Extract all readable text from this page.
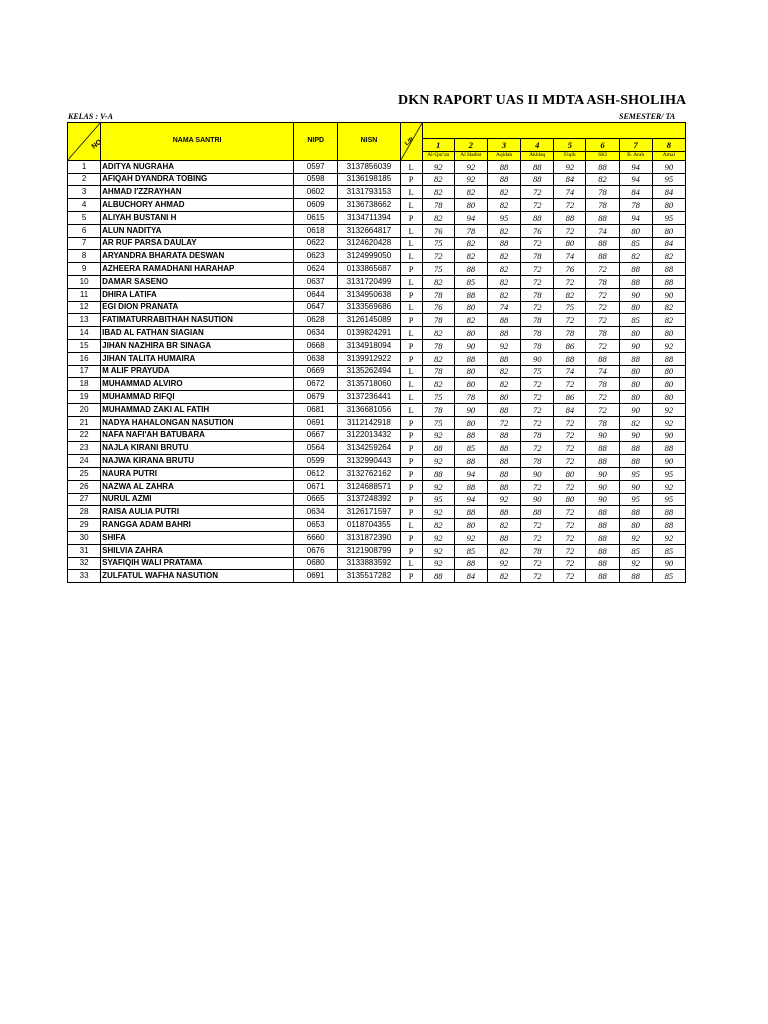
DKN RAPORT UAS II MDTA ASH-SHOLIHA
KELAS : V-A	SEMESTER/ TA
NO	NAMA SANTRI	NIPD	NISN	L/P								

					1	2	3	4	5	6	7	8
					Al-Qur'an	Al Hadist	Aqidah	Akhlaq	Fiqih	SKI	B. Arab	Amal
1	ADITYA NUGRAHA	0597	3137856039	L	92	92	88	88	92	88	94	90
2	AFIQAH DYANDRA TOBING	0598	3136198185	P	82	92	88	88	84	82	94	95
3	AHMAD I'ZZRAYHAN	0602	3131793153	L	82	82	82	72	74	78	84	84
4	ALBUCHORY AHMAD	0609	3136738662	L	78	80	82	72	72	78	78	80
5	ALIYAH BUSTANI H	0615	3134711394	P	82	94	95	88	88	88	94	95
6	ALUN NADITYA	0618	3132664817	L	76	78	82	76	72	74	80	80
7	AR RUF PARSA DAULAY	0622	3124620428	L	75	82	88	72	80	88	85	84
8	ARYANDRA BHARATA DESWAN	0623	3124999050	L	72	82	82	78	74	88	82	82
9	AZHEERA RAMADHANI HARAHAP	0624	0133865687	P	75	88	82	72	76	72	88	88
10	DAMAR SASENO	0637	3131720499	L	82	85	82	72	72	78	88	88
11	DHIRA LATIFA	0644	3134950638	P	78	88	82	78	82	72	90	90
12	EGI DION PRANATA	0647	3133569686	L	76	80	74	72	75	72	80	82
13	FATIMATURRABITHAH NASUTION	0628	3126145089	P	78	82	88	78	72	72	85	82
14	IBAD AL FATHAN SIAGIAN	0634	0139824291	L	82	80	88	78	78	78	80	80
15	JIHAN NAZHIRA BR SINAGA	0668	3134918094	P	78	90	92	78	86	72	90	92
16	JIHAN TALITA HUMAIRA	0638	3139912922	P	82	88	88	90	88	88	88	88
17	M ALIF PRAYUDA	0669	3135262494	L	78	80	82	75	74	74	80	80
18	MUHAMMAD ALVIRO	0672	3135718060	L	82	80	82	72	72	78	80	80
19	MUHAMMAD RIFQI	0679	3137236441	L	75	78	80	72	86	72	80	80
20	MUHAMMAD ZAKI AL FATIH	0681	3136681056	L	78	90	88	72	84	72	90	92
21	NADYA HAHALONGAN NASUTION	0691	3112142918	P	75	80	72	72	72	78	82	92
22	NAFA NAFI'AH BATUBARA	0667	3122013432	P	92	88	88	78	72	90	90	90
23	NAJLA KIRANI BRUTU	0564	3134259264	P	88	85	88	72	72	88	88	88
24	NAJWA KIRANA BRUTU	0599	3132990443	P	92	88	88	78	72	88	88	90
25	NAURA PUTRI	0612	3132762162	P	88	94	88	90	80	90	95	95
26	NAZWA AL ZAHRA	0671	3124688571	P	92	88	88	72	72	90	90	92
27	NURUL AZMI	0665	3137248392	P	95	94	92	90	80	90	95	95
28	RAISA AULIA PUTRI	0634	3126171597	P	92	88	88	88	72	88	88	88
29	RANGGA ADAM BAHRI	0653	0118704355	L	82	80	82	72	72	88	80	88
30	SHIFA	6660	3131872390	P	92	92	88	72	72	88	92	92
31	SHILVIA ZAHRA	0676	3121908799	P	92	85	82	78	72	88	85	85
32	SYAFIQIH WALI PRATAMA	0680	3133883592	L	92	88	92	72	72	88	92	90
33	ZULFATUL WAFHA NASUTION	0691	3135517282	P	88	84	82	72	72	88	88	85
